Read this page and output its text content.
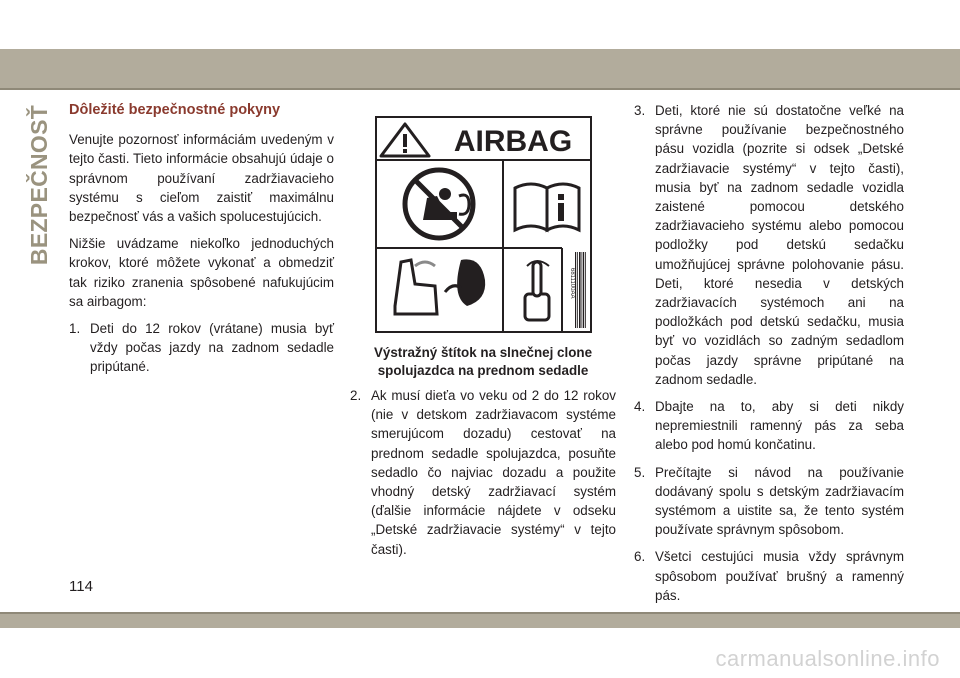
BEZPEČNOSŤ Dôležité bezpečnostné pokyny

Venujte pozornosť informáciám uvedeným v tejto časti. Tieto informácie obsahujú údaje o správnom používaní zadržiavacieho systému s cieľom zaistiť maximálnu bezpečnosť vás a vašich spolucestujúcich.

Nižšie uvádzame niekoľko jednoduchých krokov, ktoré môžete vykonať a obmedziť tak riziko zranenia spôsobené nafukujúcim sa airbagom:

1. Deti do 12 rokov (vrátane) musia byť vždy počas jazdy na zadnom sedadle pripútané.
AIRBAG
6811100AA
Výstražný štítok na slnečnej clone spolujazdca na prednom sedadle
2. Ak musí dieťa vo veku od 2 do 12 rokov (nie v detskom zadržiavacom systéme smerujúcom dozadu) cestovať na prednom sedadle spolujazdca, posuňte sedadlo čo najviac dozadu a použite vhodný detský zadržiavací systém (ďalšie informácie nájdete v odseku „Detské zadržiavacie systémy“ v tejto časti).
3. Deti, ktoré nie sú dostatočne veľké na správne používanie bezpečnostného pásu vozidla (pozrite si odsek „Detské zadržiavacie systémy“ v tejto časti), musia byť na zadnom sedadle vozidla zaistené pomocou detského zadržiavacieho systému alebo pomocou podložky pod detskú sedačku umožňujúcej správne polohovanie pásu. Deti, ktoré nesedia v detských zadržiavacích systémoch ani na podložkách pod detskú sedačku, musia byť vo vozidlách so zadným sedadlom počas jazdy správne pripútané na zadnom sedadle.
4. Dbajte na to, aby si deti nikdy nepremiestnili ramenný pás za seba alebo pod homú končatinu.
5. Prečítajte si návod na používanie dodávaný spolu s detským zadržiavacím systémom a uistite sa, že tento systém používate správnym spôsobom.
6. Všetci cestujúci musia vždy správnym spôsobom používať brušný a ramenný pás.
114
carmanualsonline.info
